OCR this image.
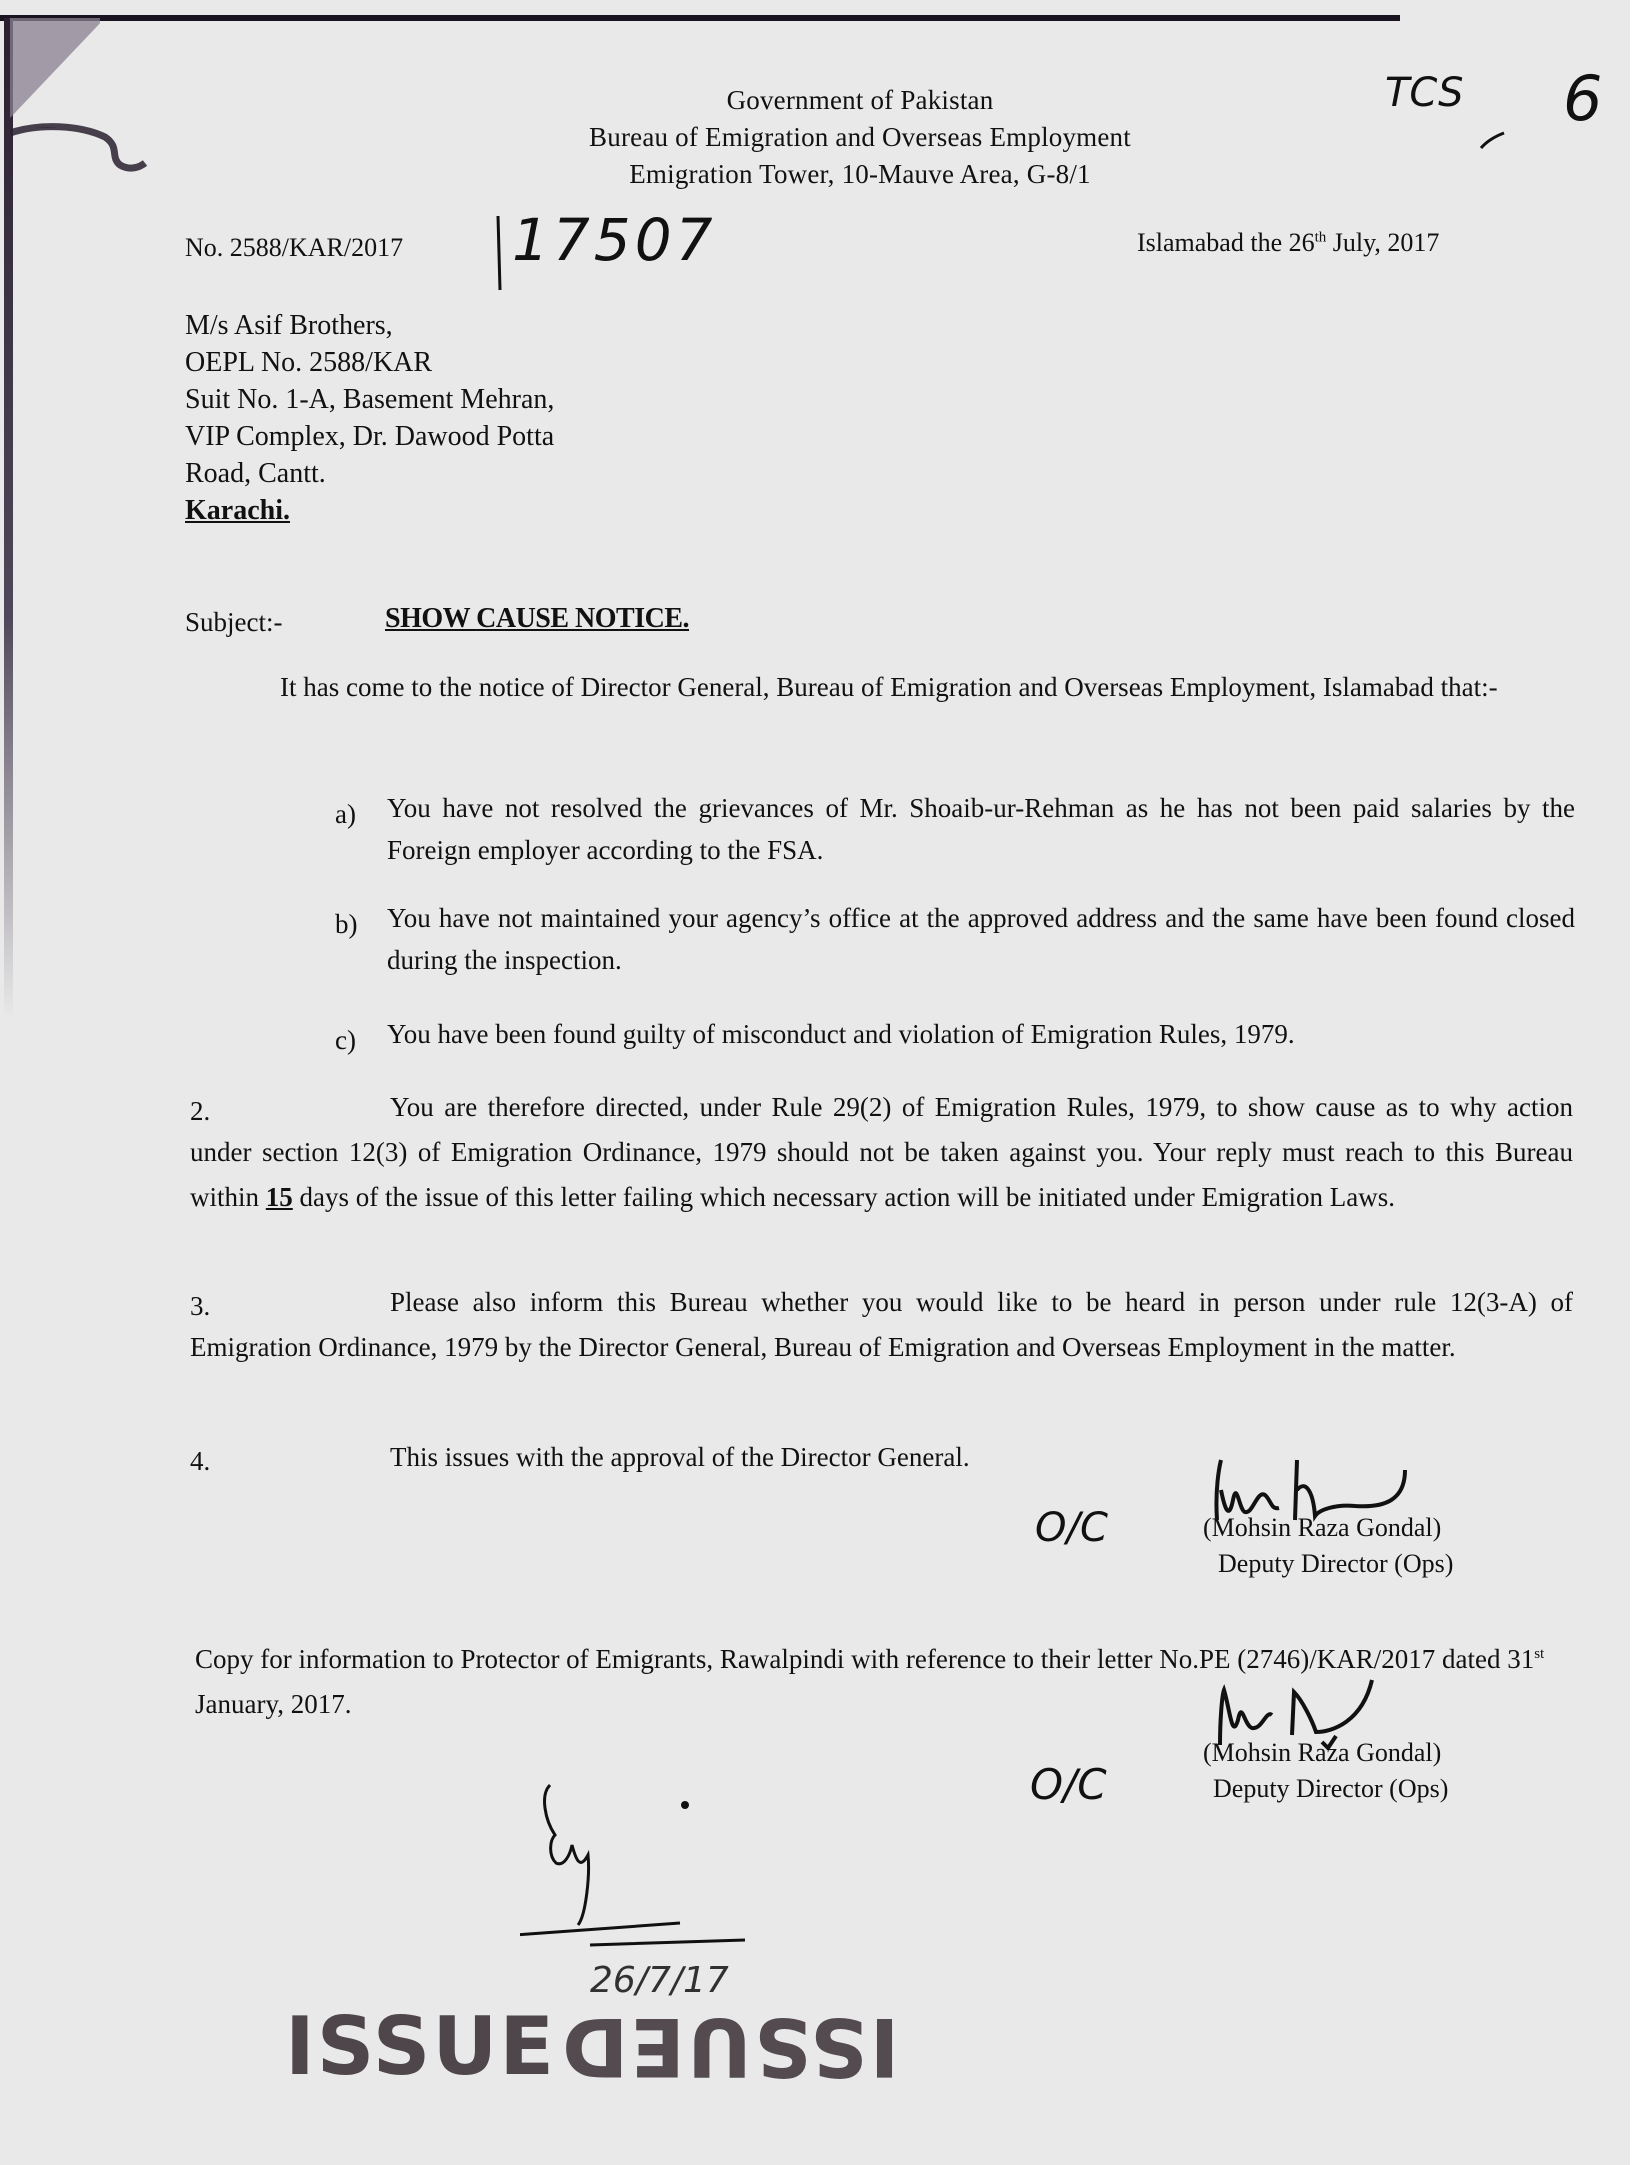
Government of Pakistan
Bureau of Emigration and Overseas Employment
Emigration Tower, 10-Mauve Area, G-8/1
TCS 6
No. 2588/KAR/2017 17507	Islamabad the 26th July, 2017
M/s Asif Brothers,
OEPL No. 2588/KAR
Suit No. 1-A, Basement Mehran,
VIP Complex, Dr. Dawood Potta
Road, Cantt.
Karachi.
Subject:-	SHOW CAUSE NOTICE.
It has come to the notice of Director General, Bureau of Emigration and Overseas Employment, Islamabad that:-
a) You have not resolved the grievances of Mr. Shoaib-ur-Rehman as he has not been paid salaries by the Foreign employer according to the FSA.
b) You have not maintained your agency’s office at the approved address and the same have been found closed during the inspection.
c) You have been found guilty of misconduct and violation of Emigration Rules, 1979.
2.	You are therefore directed, under Rule 29(2) of Emigration Rules, 1979, to show cause as to why action under section 12(3) of Emigration Ordinance, 1979 should not be taken against you. Your reply must reach to this Bureau within 15 days of the issue of this letter failing which necessary action will be initiated under Emigration Laws.
3.	Please also inform this Bureau whether you would like to be heard in person under rule 12(3-A) of Emigration Ordinance, 1979 by the Director General, Bureau of Emigration and Overseas Employment in the matter.
4.	This issues with the approval of the Director General.
O/C	(Mohsin Raza Gondal)
Deputy Director (Ops)
Copy for information to Protector of Emigrants, Rawalpindi with reference to their letter No.PE (2746)/KAR/2017 dated 31st January, 2017.
O/C
(Mohsin Raza Gondal)
Deputy Director (Ops)
26/7/17
ISSUE ISSUED
